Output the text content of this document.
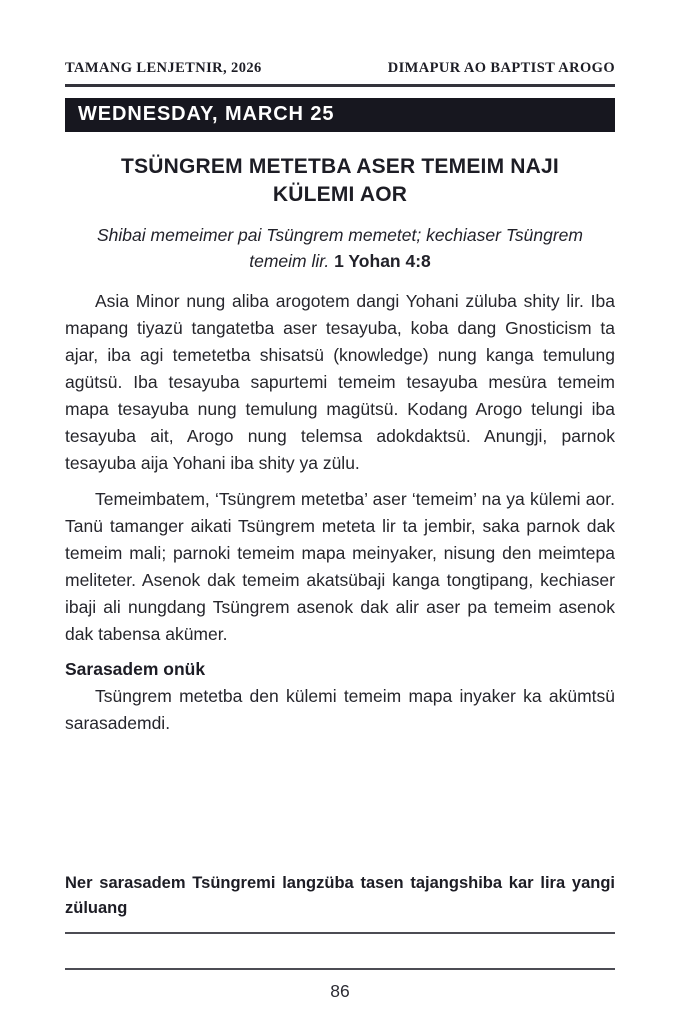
TAMANG LENJETNIR, 2026	DIMAPUR AO BAPTIST AROGO
WEDNESDAY, MARCH 25
TSÜNGREM METETBA ASER TEMEIM NAJI
KÜLEMI AOR

Shibai memeimer pai Tsüngrem memetet; kechiaser Tsüngrem temeim lir. 1 Yohan 4:8

Asia Minor nung aliba arogotem dangi Yohani züluba shity lir. Iba mapang tiyazü tangatetba aser tesayuba, koba dang Gnosticism ta ajar, iba agi temetetba shisatsü (knowledge) nung kanga temulung agütsü. Iba tesayuba sapurtemi temeim tesayuba mesüra temeim mapa tesayuba nung temulung magütsü. Kodang Arogo telungi iba tesayuba ait, Arogo nung telemsa adokdaktsü. Anungji, parnok tesayuba aija Yohani iba shity ya zülu.

Temeimbatem, ‘Tsüngrem metetba’ aser ‘temeim’ na ya külemi aor. Tanü tamanger aikati Tsüngrem meteta lir ta jembir, saka parnok dak temeim mali; parnoki temeim mapa meinyaker, nisung den meimtepa meliteter. Asenok dak temeim akatsübaji kanga tongtipang, kechiaser ibaji ali nungdang Tsüngrem asenok dak alir aser pa temeim asenok dak tabensa akümer.

Sarasadem onük

Tsüngrem metetba den külemi temeim mapa inyaker ka akümtsü sarasademdi.

Ner sarasadem Tsüngremi langzüba tasen tajangshiba kar lira yangi züluang

86
